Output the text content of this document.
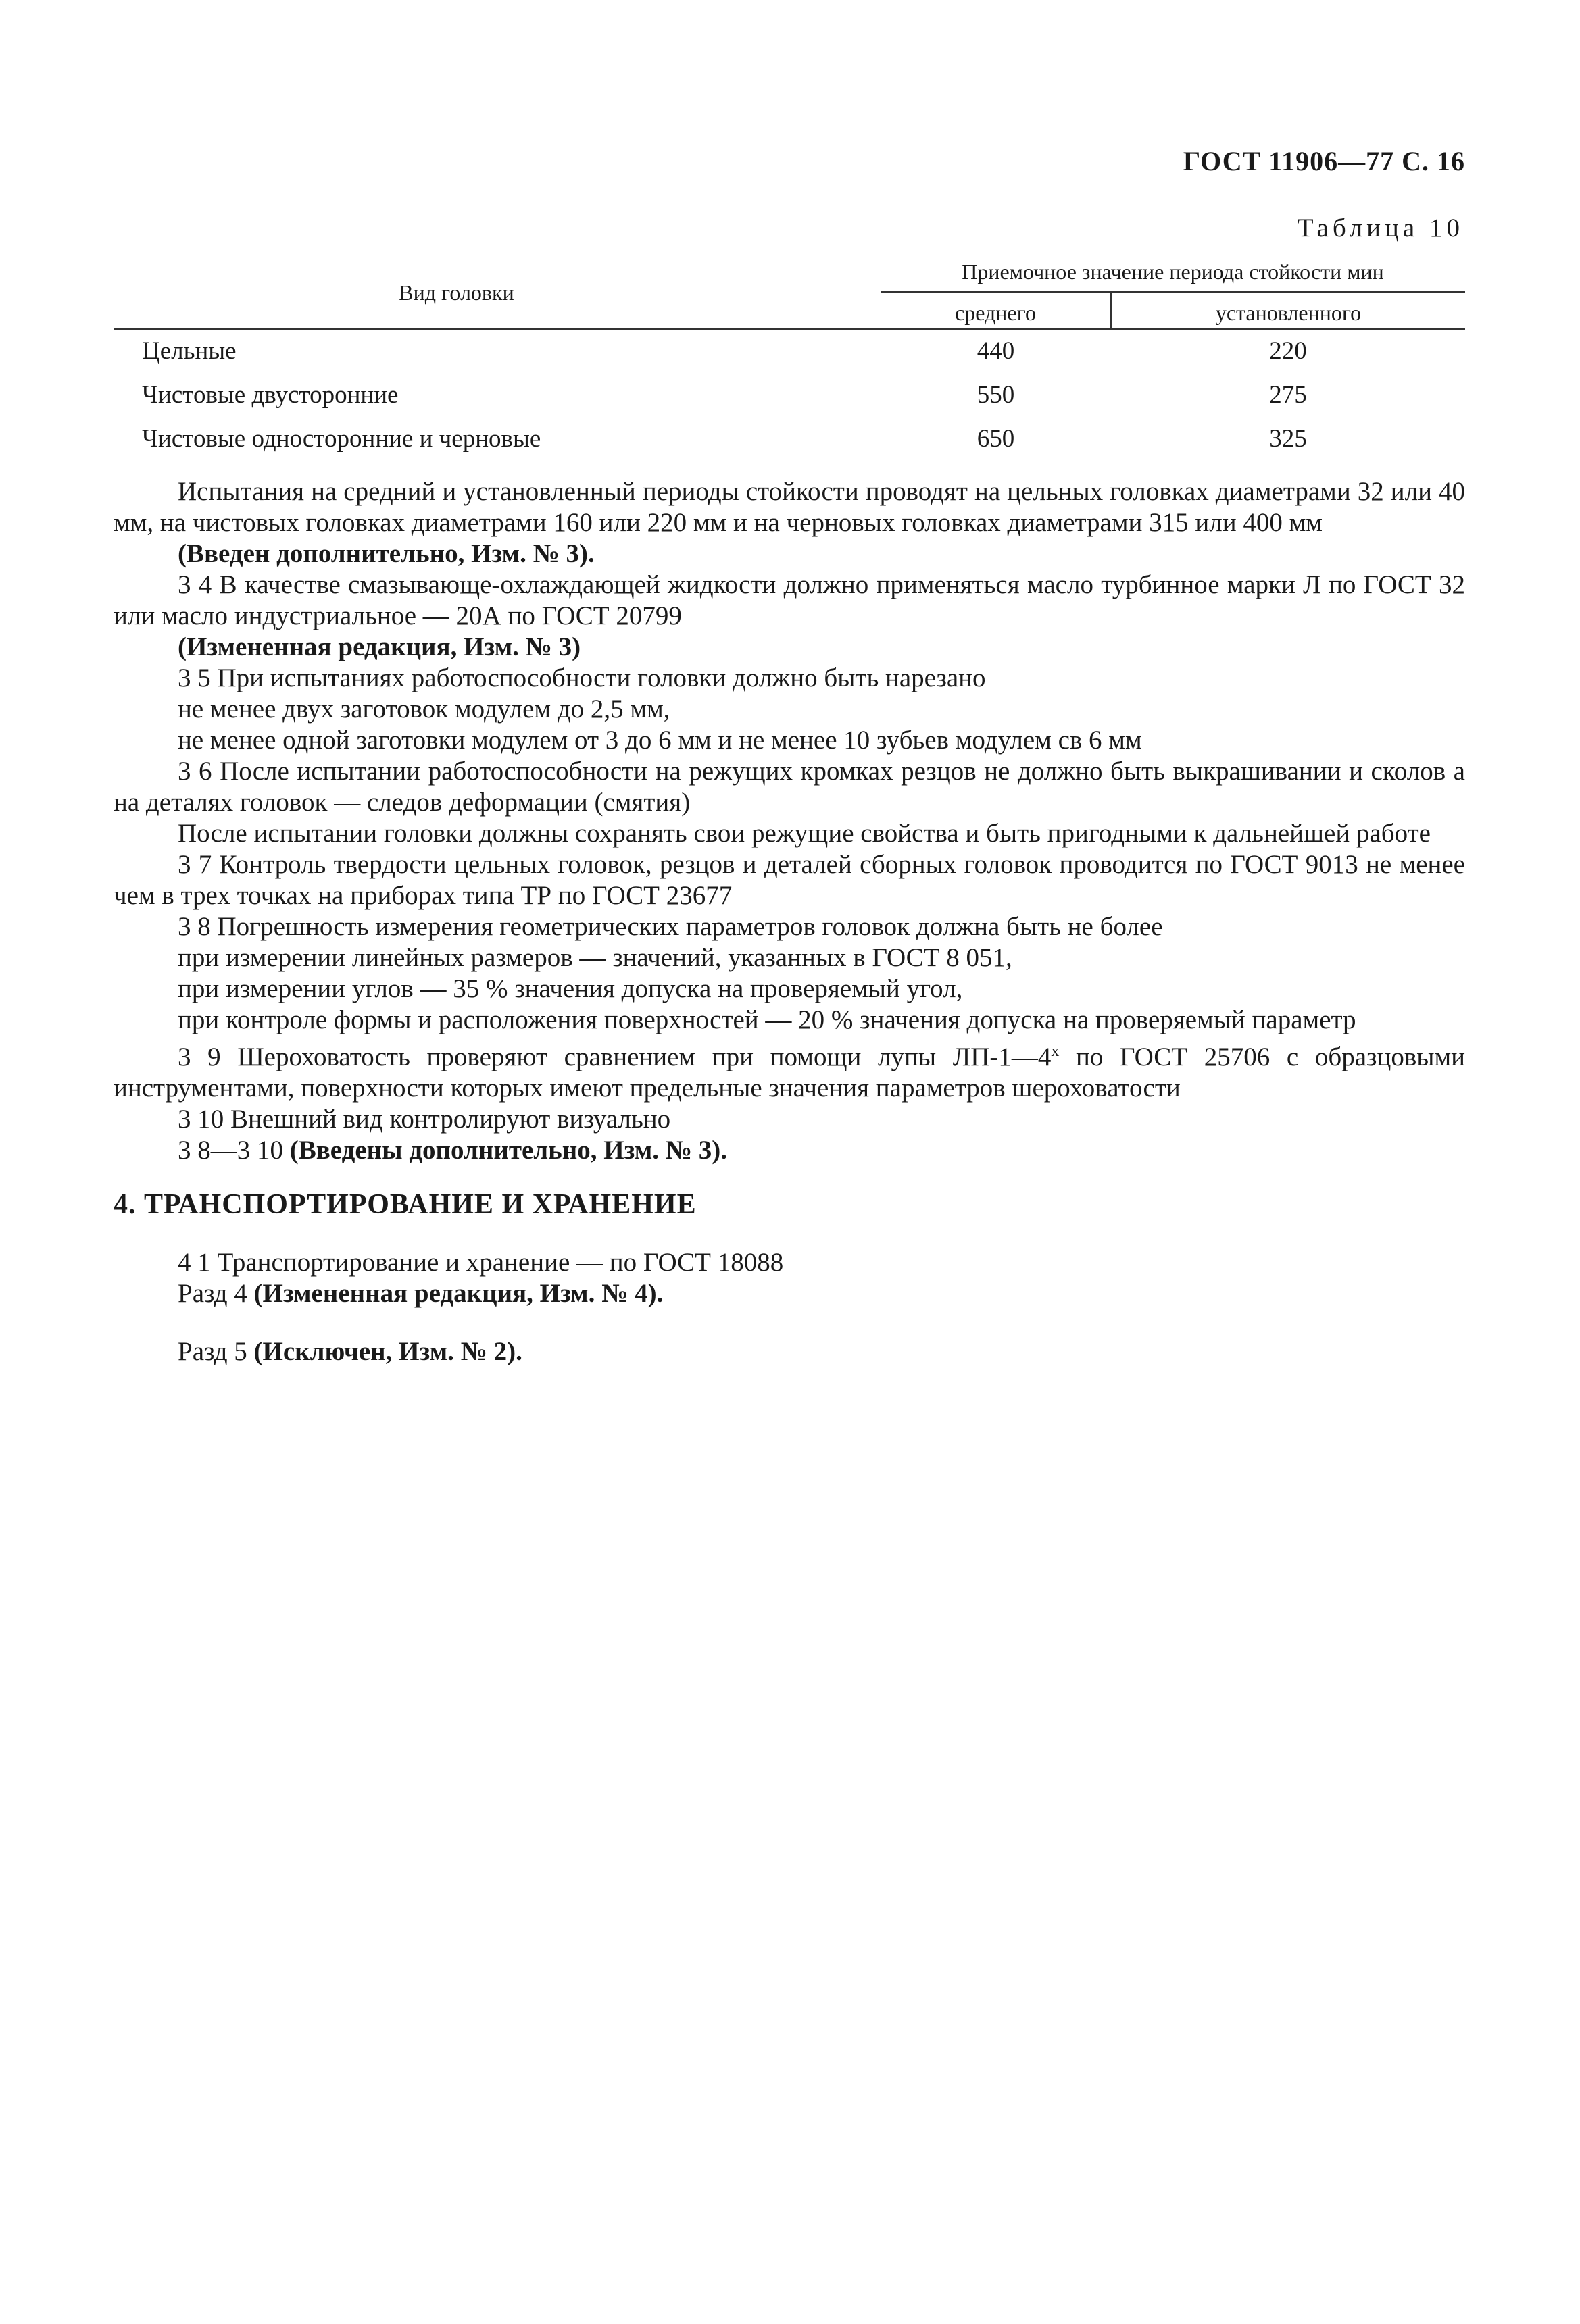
ГОСТ 11906—77 С. 16
Таблица 10
Вид головки	Приемочное значение периода стойкости мин	
	среднего	установленного
Цельные	440	220
Чистовые двусторонние	550	275
Чистовые односторонние и черновые	650	325

Испытания на средний и установленный периоды стойкости проводят на цельных головках диаметрами 32 или 40 мм, на чистовых головках диаметрами 160 или 220 мм и на черновых головках диаметрами 315 или 400 мм

(Введен дополнительно, Изм. № 3).

3 4 В качестве смазывающе-охлаждающей жидкости должно применяться масло турбинное марки Л по ГОСТ 32 или масло индустриальное — 20А по ГОСТ 20799

(Измененная редакция, Изм. № 3)

3 5 При испытаниях работоспособности головки должно быть нарезано

не менее двух заготовок модулем до 2,5 мм,

не менее одной заготовки модулем от 3 до 6 мм и не менее 10 зубьев модулем св 6 мм

3 6 После испытании работоспособности на режущих кромках резцов не должно быть выкрашивании и сколов а на деталях головок — следов деформации (смятия)

После испытании головки должны сохранять свои режущие свойства и быть пригодными к дальнейшей работе

3 7 Контроль твердости цельных головок, резцов и деталей сборных головок проводится по ГОСТ 9013 не менее чем в трех точках на приборах типа ТР по ГОСТ 23677

3 8 Погрешность измерения геометрических параметров головок должна быть не более

при измерении линейных размеров — значений, указанных в ГОСТ 8 051,

при измерении углов — 35 % значения допуска на проверяемый угол,

при контроле формы и расположения поверхностей — 20 % значения допуска на проверяемый параметр

3 9 Шероховатость проверяют сравнением при помощи лупы $ЛП-1—4^х$ по ГОСТ 25706 с образцовыми инструментами, поверхности которых имеют предельные значения параметров шероховатости

3 10 Внешний вид контролируют визуально

3 8—3 10 (Введены дополнительно, Изм. № 3).

4. ТРАНСПОРТИРОВАНИЕ И ХРАНЕНИЕ

4 1 Транспортирование и хранение — по ГОСТ 18088

Разд 4 (Измененная редакция, Изм. № 4).

Разд 5 (Исключен, Изм. № 2).
